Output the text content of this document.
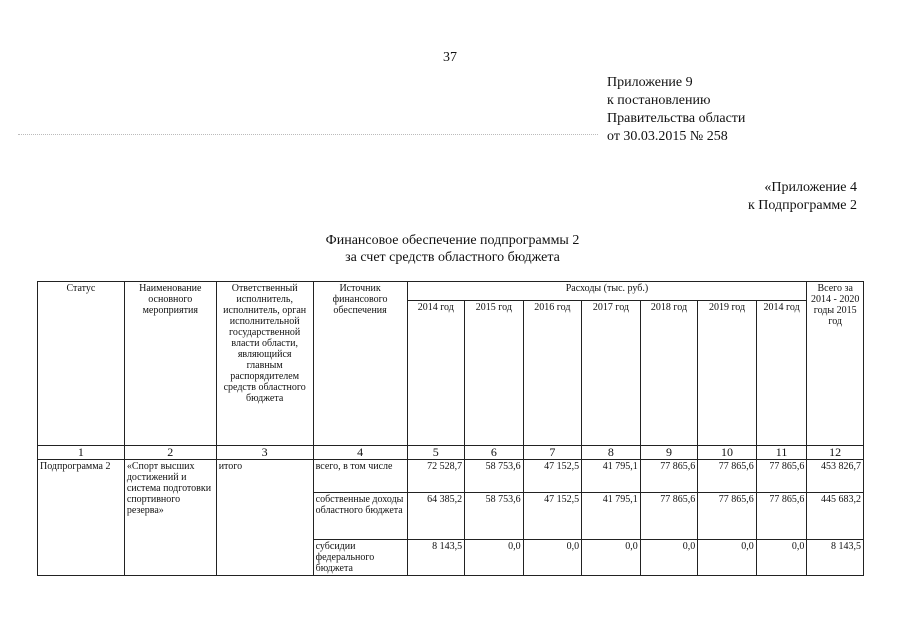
37
Приложение 9
к постановлению
Правительства области
от 30.03.2015 № 258
«Приложение 4
к Подпрограмме 2
Финансовое обеспечение подпрограммы 2
за счет средств областного бюджета
Статус	Наименование основного мероприятия	Ответственный исполнитель, исполнитель, орган исполнительной государственной власти области, являющийся главным распорядителем средств областного бюджета	Источник финансового обеспечения	Расходы (тыс. руб.)							Всего за 2014 - 2020 годы 2015 год
				2014 год	2015 год	2016 год	2017 год	2018 год	2019 год	2014 год	
1	2	3	4	5	6	7	8	9	10	11	12
Подпрограмма 2	«Спорт высших достижений и система подготовки спортивного резерва»	итого	всего, в том числе	72 528,7	58 753,6	47 152,5	41 795,1	77 865,6	77 865,6	77 865,6	453 826,7
			собственные доходы областного бюджета	64 385,2	58 753,6	47 152,5	41 795,1	77 865,6	77 865,6	77 865,6	445 683,2
			субсидии федерального бюджета	8 143,5	0,0	0,0	0,0	0,0	0,0	0,0	8 143,5
